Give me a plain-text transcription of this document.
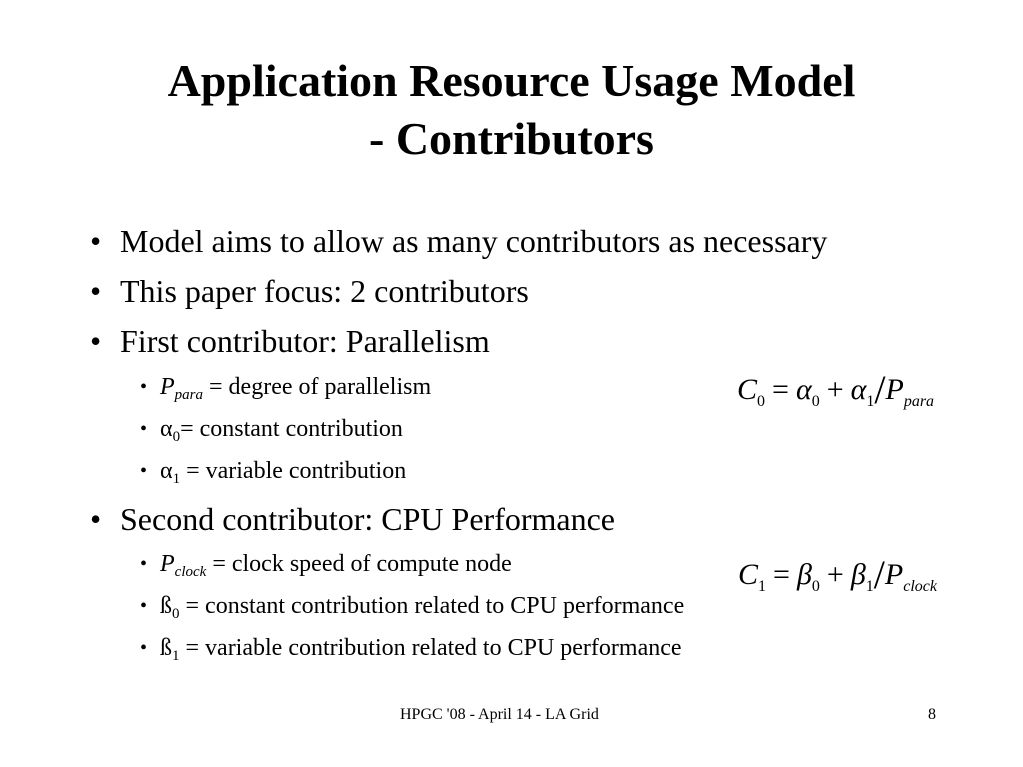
Application Resource Usage Model
- Contributors
• Model aims to allow as many contributors as necessary
• This paper focus: 2 contributors
• First contributor: Parallelism
• $P_{para}$ = degree of parallelism
• $\alpha_0=$ constant contribution
• $\alpha_1$ = variable contribution
• Second contributor: CPU Performance
• $P_{clock}$ = clock speed of compute node
• $ß_0$ = constant contribution related to CPU performance
• $ß_1$ = variable contribution related to CPU performance
$C_0 = \alpha_0 + \alpha_1/P_{para}$
$C_1 = \beta_0 + \beta_1/P_{clock}$
HPGC '08 - April 14 - LA Grid	8
